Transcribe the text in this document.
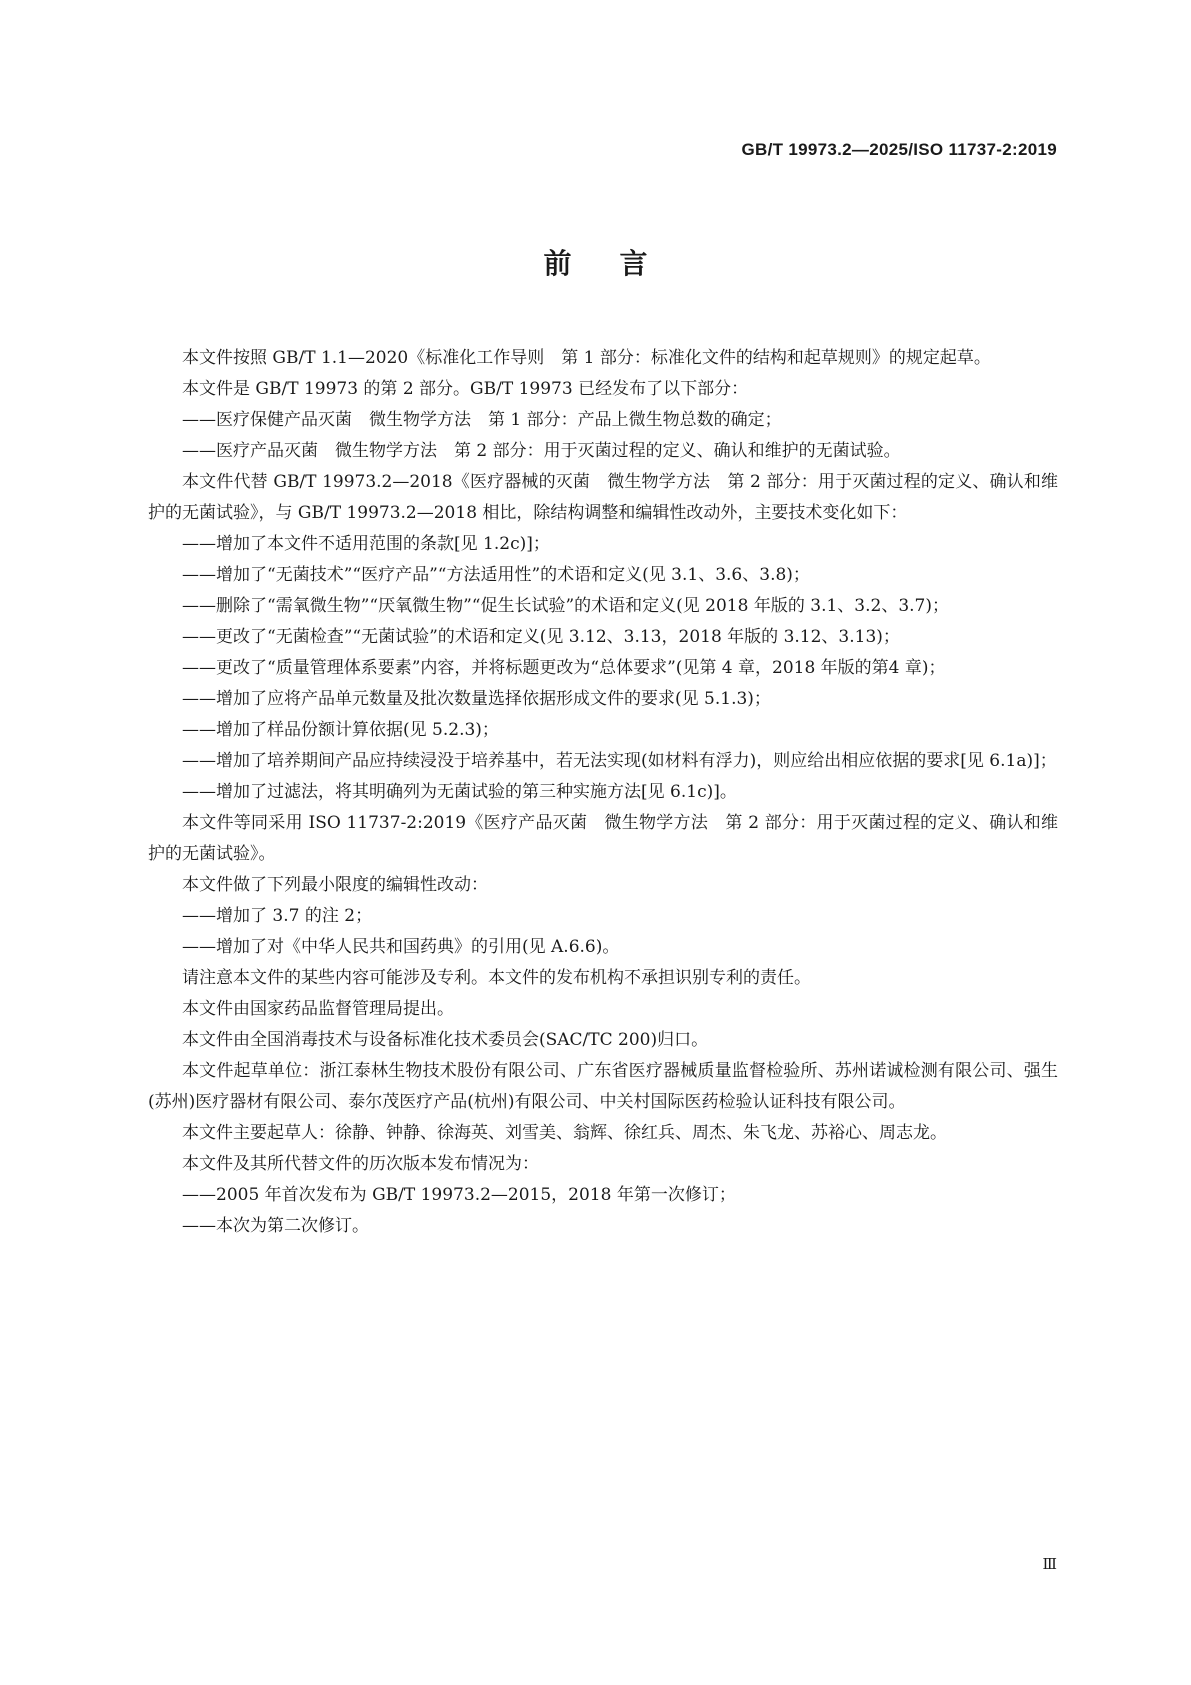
GB/T 19973.2—2025/ISO 11737-2:2019
前言

本文件按照 GB/T 1.1—2020《标准化工作导则　第 1 部分：标准化文件的结构和起草规则》的规定起草。

本文件是 GB/T 19973 的第 2 部分。GB/T 19973 已经发布了以下部分：

——医疗保健产品灭菌　微生物学方法　第 1 部分：产品上微生物总数的确定；

——医疗产品灭菌　微生物学方法　第 2 部分：用于灭菌过程的定义、确认和维护的无菌试验。

本文件代替 GB/T 19973.2—2018《医疗器械的灭菌　微生物学方法　第 2 部分：用于灭菌过程的定义、确认和维护的无菌试验》，与 GB/T 19973.2—2018 相比，除结构调整和编辑性改动外，主要技术变化如下：

——增加了本文件不适用范围的条款[见 1.2c)]；

——增加了“无菌技术”“医疗产品”“方法适用性”的术语和定义(见 3.1、3.6、3.8)；

——删除了“需氧微生物”“厌氧微生物”“促生长试验”的术语和定义(见 2018 年版的 3.1、3.2、3.7)；

——更改了“无菌检查”“无菌试验”的术语和定义(见 3.12、3.13，2018 年版的 3.12、3.13)；

——更改了“质量管理体系要素”内容，并将标题更改为“总体要求”(见第 4 章，2018 年版的第4 章)；

——增加了应将产品单元数量及批次数量选择依据形成文件的要求(见 5.1.3)；

——增加了样品份额计算依据(见 5.2.3)；

——增加了培养期间产品应持续浸没于培养基中，若无法实现(如材料有浮力)，则应给出相应依据的要求[见 6.1a)]；

——增加了过滤法，将其明确列为无菌试验的第三种实施方法[见 6.1c)]。

本文件等同采用 ISO 11737-2:2019《医疗产品灭菌　微生物学方法　第 2 部分：用于灭菌过程的定义、确认和维护的无菌试验》。

本文件做了下列最小限度的编辑性改动：

——增加了 3.7 的注 2；

——增加了对《中华人民共和国药典》的引用(见 A.6.6)。

请注意本文件的某些内容可能涉及专利。本文件的发布机构不承担识别专利的责任。

本文件由国家药品监督管理局提出。

本文件由全国消毒技术与设备标准化技术委员会(SAC/TC 200)归口。

本文件起草单位：浙江泰林生物技术股份有限公司、广东省医疗器械质量监督检验所、苏州诺诚检测有限公司、强生(苏州)医疗器材有限公司、泰尔茂医疗产品(杭州)有限公司、中关村国际医药检验认证科技有限公司。

本文件主要起草人：徐静、钟静、徐海英、刘雪美、翁辉、徐红兵、周杰、朱飞龙、苏裕心、周志龙。

本文件及其所代替文件的历次版本发布情况为：

——2005 年首次发布为 GB/T 19973.2—2015，2018 年第一次修订；

——本次为第二次修订。

Ⅲ
